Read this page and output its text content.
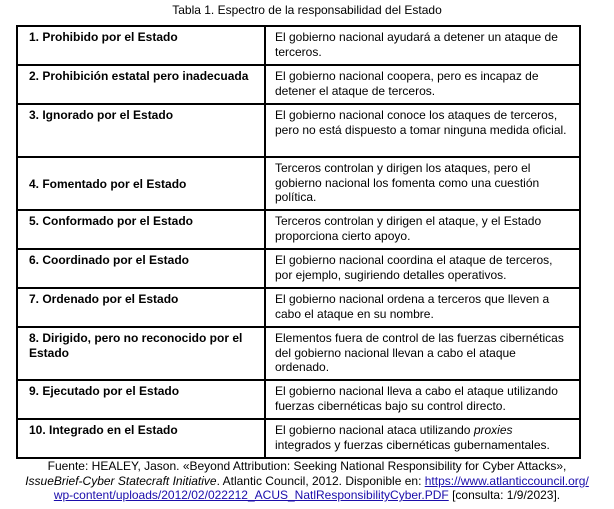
Tabla 1. Espectro de la responsabilidad del Estado
1. Prohibido por el Estado	El gobierno nacional ayudará a detener un ataque de terceros.
2. Prohibición estatal pero inadecuada	El gobierno nacional coopera, pero es incapaz de detener el ataque de terceros.
3. Ignorado por el Estado	El gobierno nacional conoce los ataques de terceros, pero no está dispuesto a tomar ninguna medida oficial.
4. Fomentado por el Estado	Terceros controlan y dirigen los ataques, pero el gobierno nacional los fomenta como una cuestión política.
5. Conformado por el Estado	Terceros controlan y dirigen el ataque, y el Estado proporciona cierto apoyo.
6. Coordinado por el Estado	El gobierno nacional coordina el ataque de terceros, por ejemplo, sugiriendo detalles operativos.
7. Ordenado por el Estado	El gobierno nacional ordena a terceros que lleven a cabo el ataque en su nombre.
8. Dirigido, pero no reconocido por el Estado	Elementos fuera de control de las fuerzas cibernéticas del gobierno nacional llevan a cabo el ataque ordenado.
9. Ejecutado por el Estado	El gobierno nacional lleva a cabo el ataque utilizando fuerzas cibernéticas bajo su control directo.
10. Integrado en el Estado	El gobierno nacional ataca utilizando proxies integrados y fuerzas cibernéticas gubernamentales.
Fuente: HEALEY, Jason. «Beyond Attribution: Seeking National Responsibility for Cyber Attacks»,
IssueBrief-Cyber Statecraft Initiative. Atlantic Council, 2012. Disponible en: https://www.atlanticcouncil.org/
wp-content/uploads/2012/02/022212_ACUS_NatlResponsibilityCyber.PDF [consulta: 1/9/2023].
